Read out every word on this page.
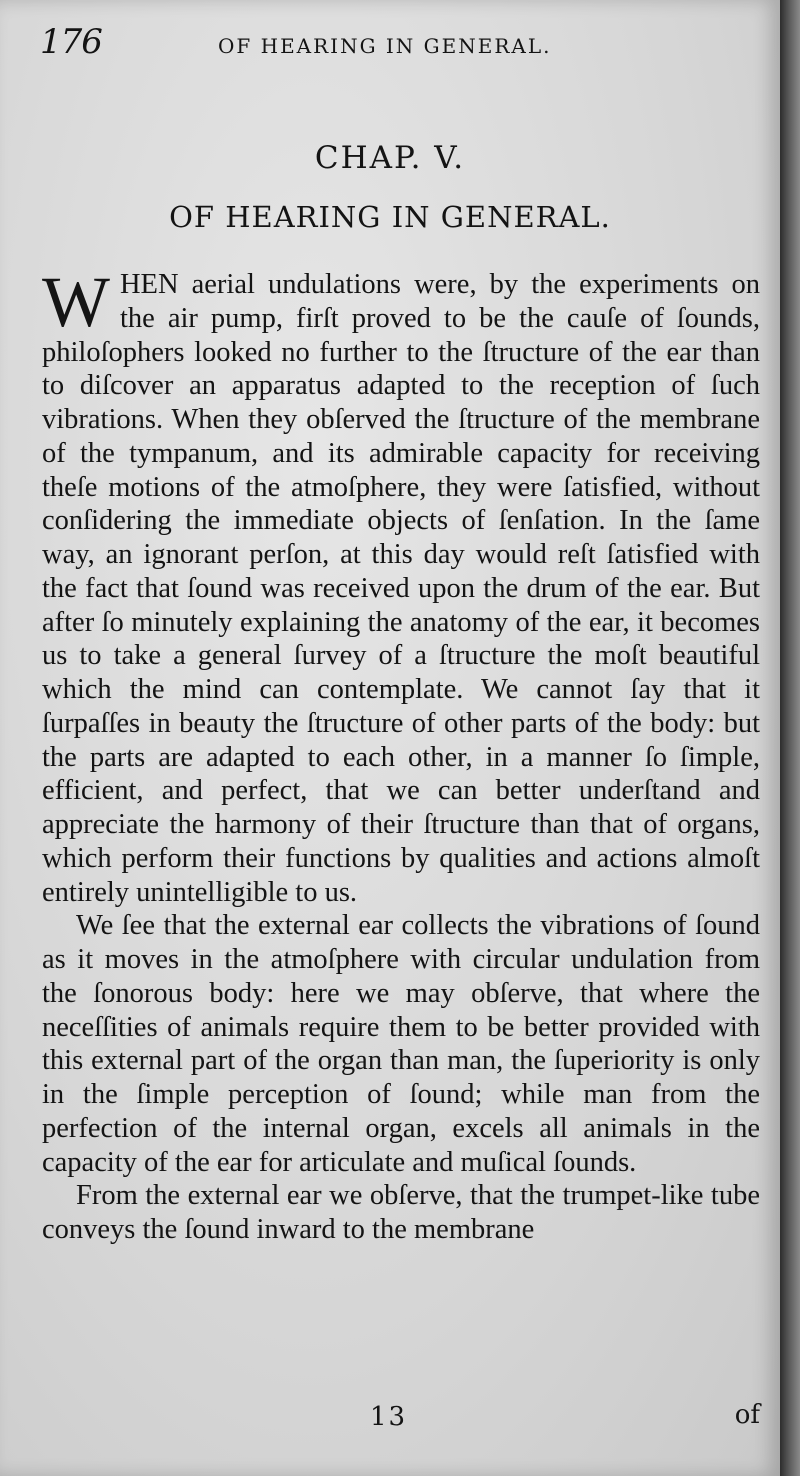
176	OF HEARING IN GENERAL.
CHAP. V.
OF HEARING IN GENERAL.

WHEN aerial undulations were, by the experiments on the air pump, firſt proved to be the cauſe of ſounds, philoſophers looked no further to the ſtructure of the ear than to diſcover an apparatus adapted to the reception of ſuch vibrations. When they obſerved the ſtructure of the membrane of the tympanum, and its admirable capacity for receiving theſe motions of the atmoſphere, they were ſatisfied, without conſidering the immediate objects of ſenſation. In the ſame way, an ignorant perſon, at this day would reſt ſatisfied with the fact that ſound was received upon the drum of the ear. But after ſo minutely explaining the anatomy of the ear, it becomes us to take a general ſurvey of a ſtructure the moſt beautiful which the mind can contemplate. We cannot ſay that it ſurpaſſes in beauty the ſtructure of other parts of the body: but the parts are adapted to each other, in a manner ſo ſimple, efficient, and perfect, that we can better underſtand and appreciate the harmony of their ſtructure than that of organs, which perform their functions by qualities and actions almoſt entirely unintelligible to us.

We ſee that the external ear collects the vibrations of ſound as it moves in the atmoſphere with circular undulation from the ſonorous body: here we may obſerve, that where the neceſſities of animals require them to be better provided with this external part of the organ than man, the ſuperiority is only in the ſimple perception of ſound; while man from the perfection of the internal organ, excels all animals in the capacity of the ear for articulate and muſical ſounds.

From the external ear we obſerve, that the trumpet-like tube conveys the ſound inward to the membrane

13	of
